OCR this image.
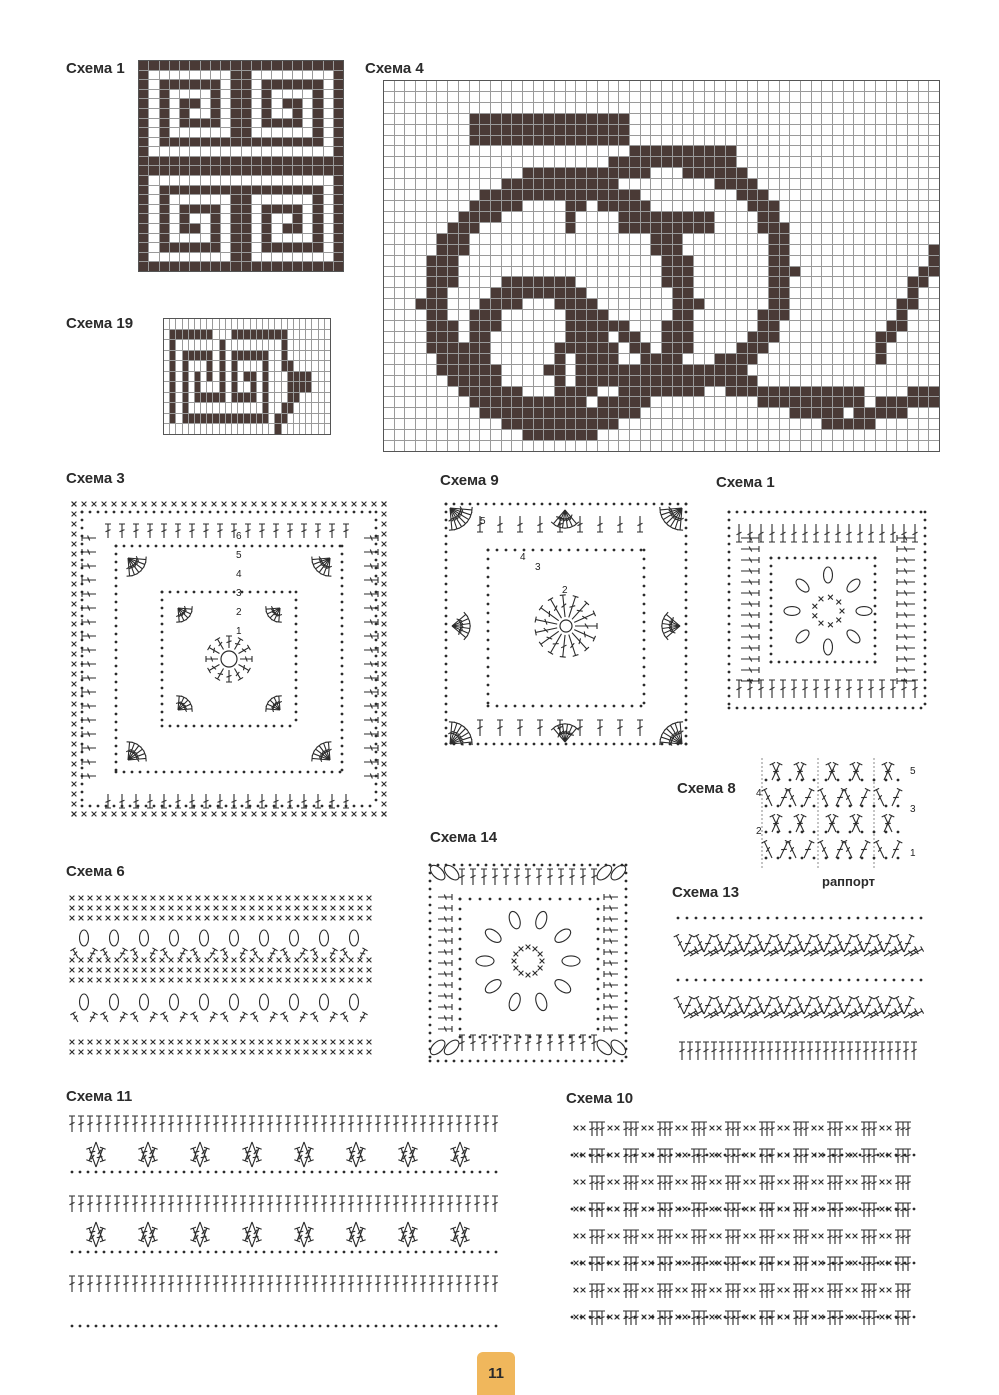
Схема 1	Схема 4
Схема 19
Схема 3	Схема 9	Схема 1
Схема 8
Схема 6
Схема 14
Схема 13
Схема 11	Схема 10
1
2
3
4
5
6
2
3
4
5
1
2
3
4
5
раппорт
11
